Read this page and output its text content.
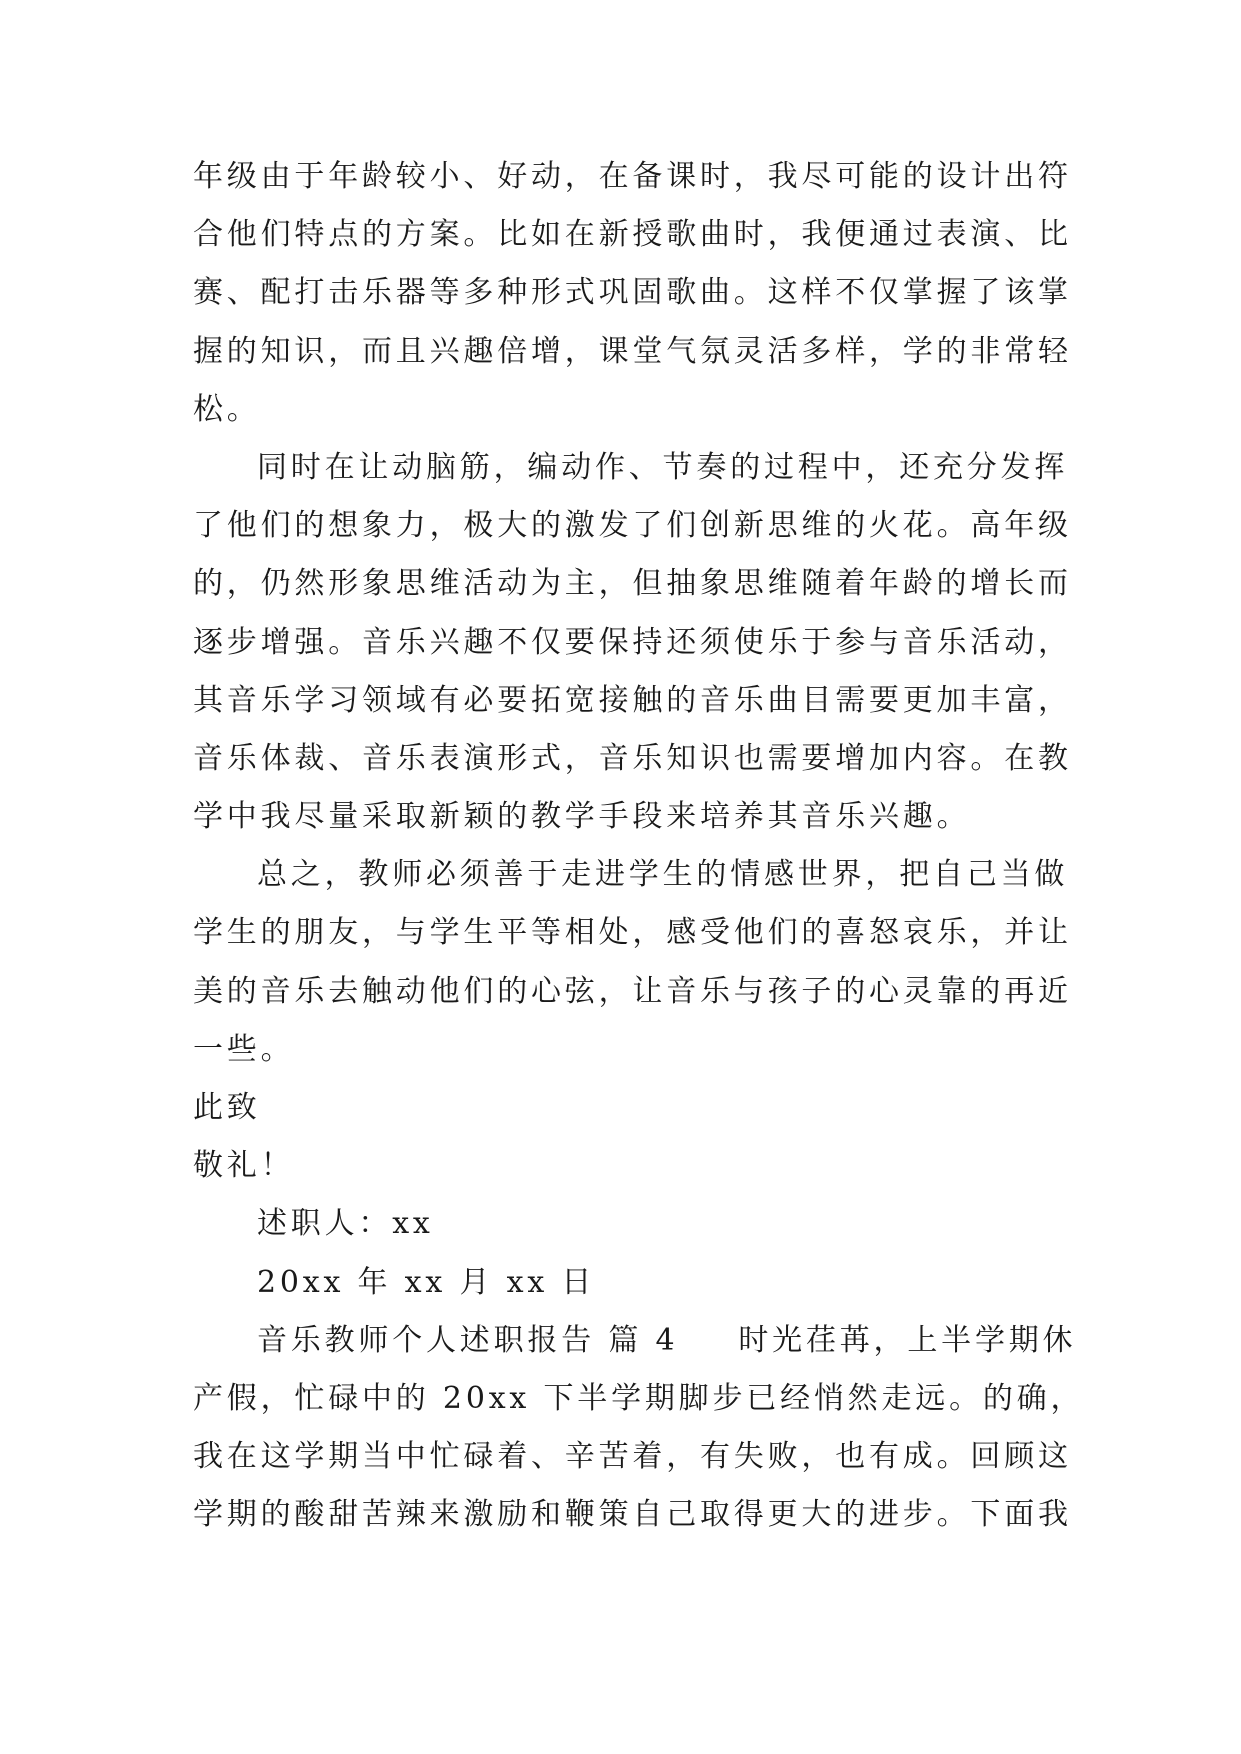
年级由于年龄较小、好动，在备课时，我尽可能的设计出符
合他们特点的方案。比如在新授歌曲时，我便通过表演、比
赛、配打击乐器等多种形式巩固歌曲。这样不仅掌握了该掌
握的知识，而且兴趣倍增，课堂气氛灵活多样，学的非常轻
松。
同时在让动脑筋，编动作、节奏的过程中，还充分发挥
了他们的想象力，极大的激发了们创新思维的火花。高年级
的，仍然形象思维活动为主，但抽象思维随着年龄的增长而
逐步增强。音乐兴趣不仅要保持还须使乐于参与音乐活动，
其音乐学习领域有必要拓宽接触的音乐曲目需要更加丰富，
音乐体裁、音乐表演形式，音乐知识也需要增加内容。在教
学中我尽量采取新颖的教学手段来培养其音乐兴趣。
总之，教师必须善于走进学生的情感世界，把自己当做
学生的朋友，与学生平等相处，感受他们的喜怒哀乐，并让
美的音乐去触动他们的心弦，让音乐与孩子的心灵靠的再近
一些。
此致
敬礼！
述职人：xx
20xx 年 xx 月 xx 日
音乐教师个人述职报告 篇 4 时光荏苒，上半学期休
产假，忙碌中的 20xx 下半学期脚步已经悄然走远。的确，
我在这学期当中忙碌着、辛苦着，有失败，也有成。回顾这
学期的酸甜苦辣来激励和鞭策自己取得更大的进步。下面我
